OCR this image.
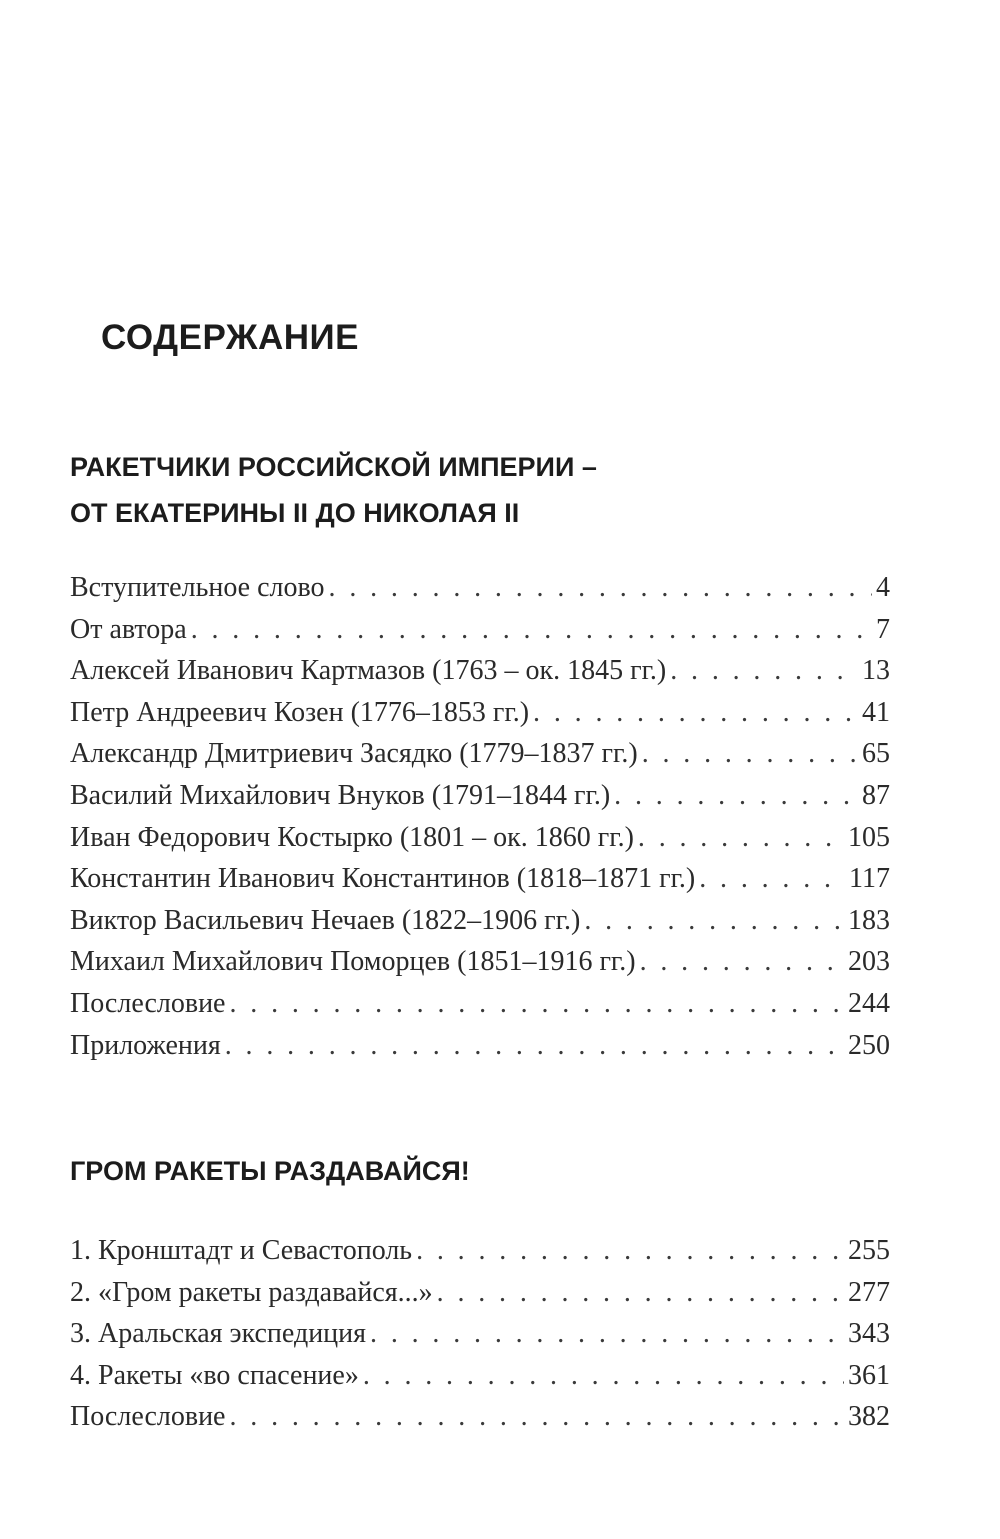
СОДЕРЖАНИЕ
РАКЕТЧИКИ РОССИЙСКОЙ ИМПЕРИИ –
ОТ ЕКАТЕРИНЫ II ДО НИКОЛАЯ II
Вступительное слово . . .	4
От автора . . .	7
Алексей Иванович Картмазов (1763 – ок. 1845 гг.) . . .	13
Петр Андреевич Козен (1776–1853 гг.) . . .	41
Александр Дмитриевич Засядко (1779–1837 гг.) . . .	65
Василий Михайлович Внуков (1791–1844 гг.) . . .	87
Иван Федорович Костырко (1801 – ок. 1860 гг.) . . .	105
Константин Иванович Константинов (1818–1871 гг.) . . .	117
Виктор Васильевич Нечаев (1822–1906 гг.) . . .	183
Михаил Михайлович Поморцев (1851–1916 гг.) . . .	203
Послесловие . . .	244
Приложения . . .	250
ГРОМ РАКЕТЫ РАЗДАВАЙСЯ!
1. Кронштадт и Севастополь . . .	255
2. «Гром ракеты раздавайся...» . . .	277
3. Аральская экспедиция . . .	343
4. Ракеты «во спасение» . . .	361
Послесловие . . .	382
